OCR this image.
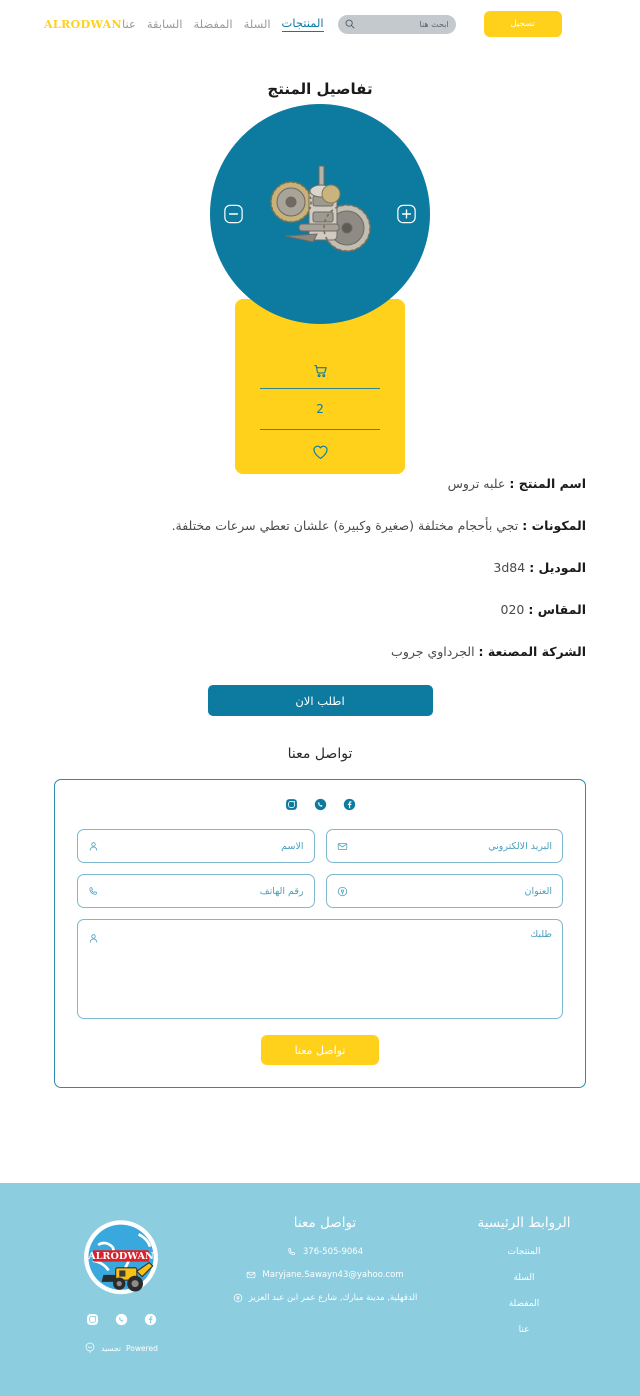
ALRODWAN	المنتجات
السلة
المفضلة
السابقة
عنا
ابحث هنا	تسجيل
تفاصيل المنتج
2
اسم المنتج : علبه تروس
المكونات : تجي بأحجام مختلفة (صغيرة وكبيرة) علشان تعطي سرعات مختلفة.
الموديل : 3d84
المقاس : 020
الشركة المصنعة : الجرداوي جروب
اطلب الان
تواصل معنا
الاسم
البريد الالكتروني
رقم الهاتف
العنوان
طلبك
تواصل معنا
ALRODWAN
Powered
تجسيد
تواصل معنا
376-505-9064
Maryjane.Sawayn43@yahoo.com
الدقهلية, مدينة مبارك, شارع عمر ابن عبد العزيز
الروابط الرئيسية
المنتجات
السلة
المفضلة
عنا
